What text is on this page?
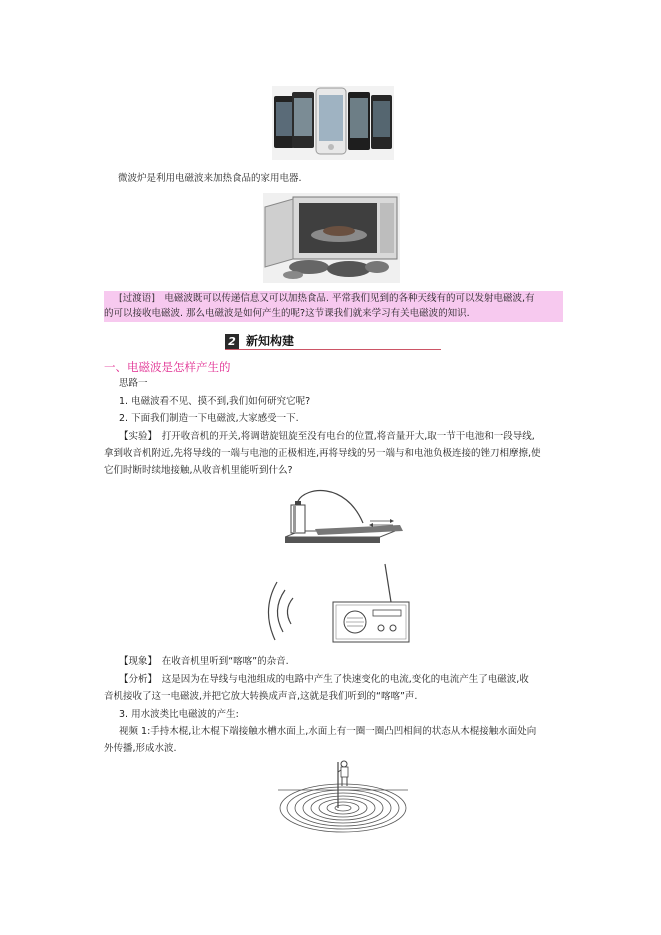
微波炉是利用电磁波来加热食品的家用电器.
[过渡语]　电磁波既可以传递信息又可以加热食品. 平常我们见到的各种天线有的可以发射电磁波,有
的可以接收电磁波. 那么电磁波是如何产生的呢?这节课我们就来学习有关电磁波的知识.
2 新知构建
一、电磁波是怎样产生的
思路一
1. 电磁波看不见、摸不到,我们如何研究它呢?
2. 下面我们制造一下电磁波,大家感受一下.
【实验】　打开收音机的开关,将调谐旋钮旋至没有电台的位置,将音量开大,取一节干电池和一段导线,
拿到收音机附近,先将导线的一端与电池的正极相连,再将导线的另一端与和电池负极连接的锉刀相摩擦,使
它们时断时续地接触,从收音机里能听到什么?
【现象】　在收音机里听到“喀喀”的杂音.
【分析】　这是因为在导线与电池组成的电路中产生了快速变化的电流,变化的电流产生了电磁波,收
音机接收了这一电磁波,并把它放大转换成声音,这就是我们听到的“喀喀”声.
3. 用水波类比电磁波的产生:
视频 1:手持木棍,让木棍下端接触水槽水面上,水面上有一圈一圈凸凹相间的状态从木棍接触水面处向
外传播,形成水波.
